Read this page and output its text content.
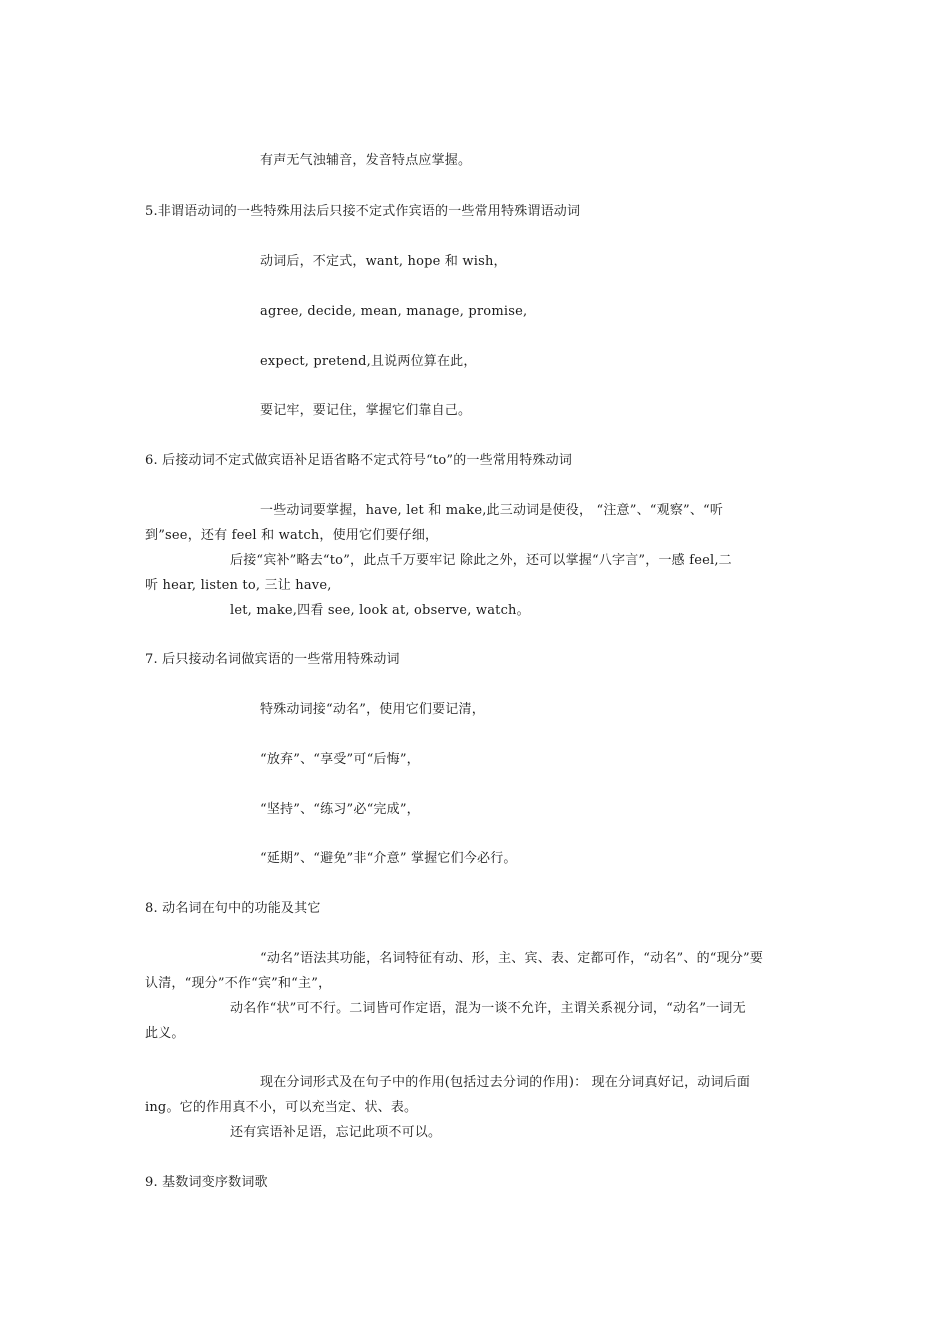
有声无气浊辅音，发音特点应掌握。
5.非谓语动词的一些特殊用法后只接不定式作宾语的一些常用特殊谓语动词
动词后，不定式，want, hope 和 wish，
agree, decide, mean, manage, promise,
expect, pretend,且说两位算在此，
要记牢，要记住，掌握它们靠自己。
6. 后接动词不定式做宾语补足语省略不定式符号“to”的一些常用特殊动词
一些动词要掌握，have, let 和 make,此三动词是使役， “注意”、“观察”、“听
到”see，还有 feel 和 watch，使用它们要仔细，
后接“宾补”略去“to”，此点千万要牢记 除此之外，还可以掌握“八字言”，一感 feel,二
听 hear, listen to, 三让 have,
let, make,四看 see, look at, observe, watch。
7. 后只接动名词做宾语的一些常用特殊动词
特殊动词接“动名”，使用它们要记清，
“放弃”、“享受”可“后悔”，
“坚持”、“练习”必“完成”，
“延期”、“避免”非“介意” 掌握它们今必行。
8. 动名词在句中的功能及其它
“动名”语法其功能，名词特征有动、形，主、宾、表、定都可作，“动名”、的“现分”要
认清，“现分”不作“宾”和“主”，
动名作“状”可不行。二词皆可作定语，混为一谈不允许，主谓关系视分词，“动名”一词无
此义。
现在分词形式及在句子中的作用(包括过去分词的作用)： 现在分词真好记，动词后面
ing。它的作用真不小，可以充当定、状、表。
还有宾语补足语，忘记此项不可以。
9. 基数词变序数词歌
